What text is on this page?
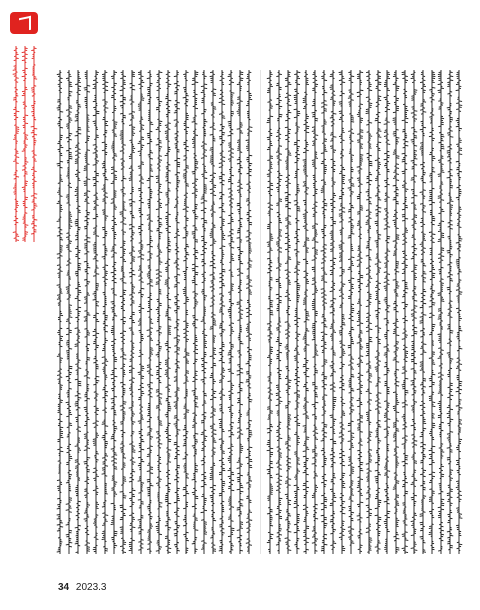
34 2023.3
